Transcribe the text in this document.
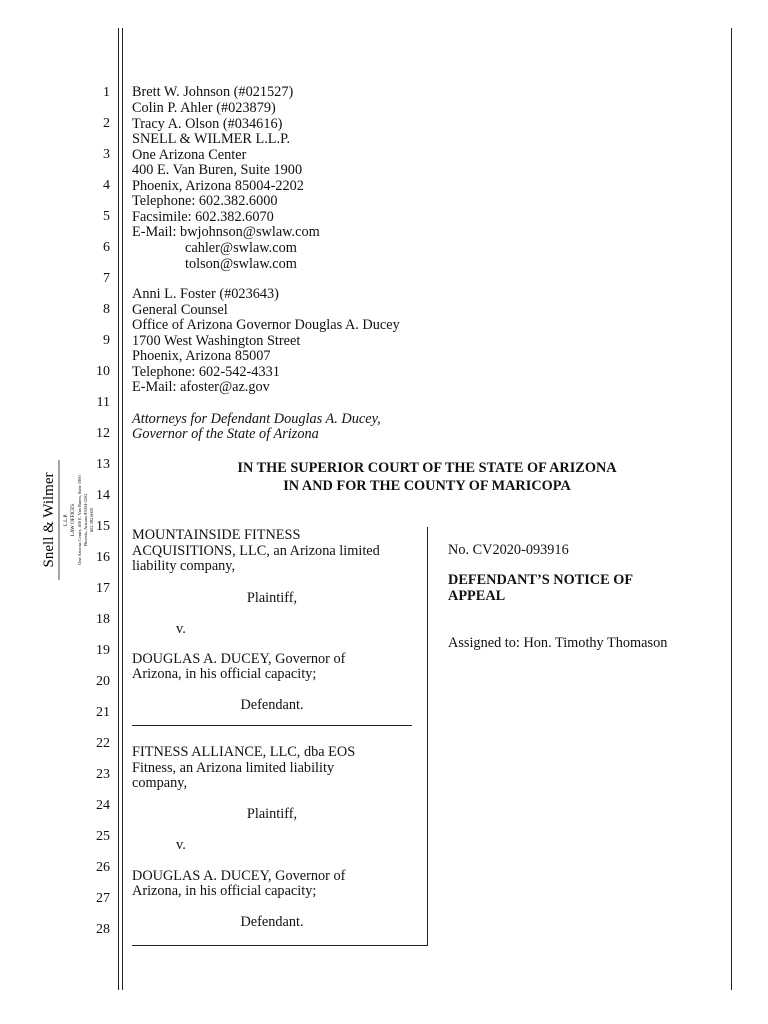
Snell & Wilmer L.L.P. LAW OFFICES One Arizona Center, 400 E. Van Buren, Suite 1900 Phoenix, Arizona 85004-2202 602.382.6000
1
2
3
4
5
6
7
8
9
10
11
12
13
14
15
16
17
18
19
20
21
22
23
24
25
26
27
28
Brett W. Johnson (#021527)
Colin P. Ahler (#023879)
Tracy A. Olson (#034616)
SNELL & WILMER L.L.P.
One Arizona Center
400 E. Van Buren, Suite 1900
Phoenix, Arizona 85004-2202
Telephone: 602.382.6000
Facsimile: 602.382.6070
E-Mail: bwjohnson@swlaw.com
cahler@swlaw.com
tolson@swlaw.com
Anni L. Foster (#023643)
General Counsel
Office of Arizona Governor Douglas A. Ducey
1700 West Washington Street
Phoenix, Arizona 85007
Telephone: 602-542-4331
E-Mail: afoster@az.gov
Attorneys for Defendant Douglas A. Ducey,
Governor of the State of Arizona
IN THE SUPERIOR COURT OF THE STATE OF ARIZONA
IN AND FOR THE COUNTY OF MARICOPA
MOUNTAINSIDE FITNESS
ACQUISITIONS, LLC, an Arizona limited
liability company,
Plaintiff,
v.
DOUGLAS A. DUCEY, Governor of
Arizona, in his official capacity;
Defendant.
FITNESS ALLIANCE, LLC, dba EOS
Fitness, an Arizona limited liability
company,
Plaintiff,
v.
DOUGLAS A. DUCEY, Governor of
Arizona, in his official capacity;
Defendant.
No. CV2020-093916
DEFENDANT’S NOTICE OF
APPEAL
Assigned to: Hon. Timothy Thomason
